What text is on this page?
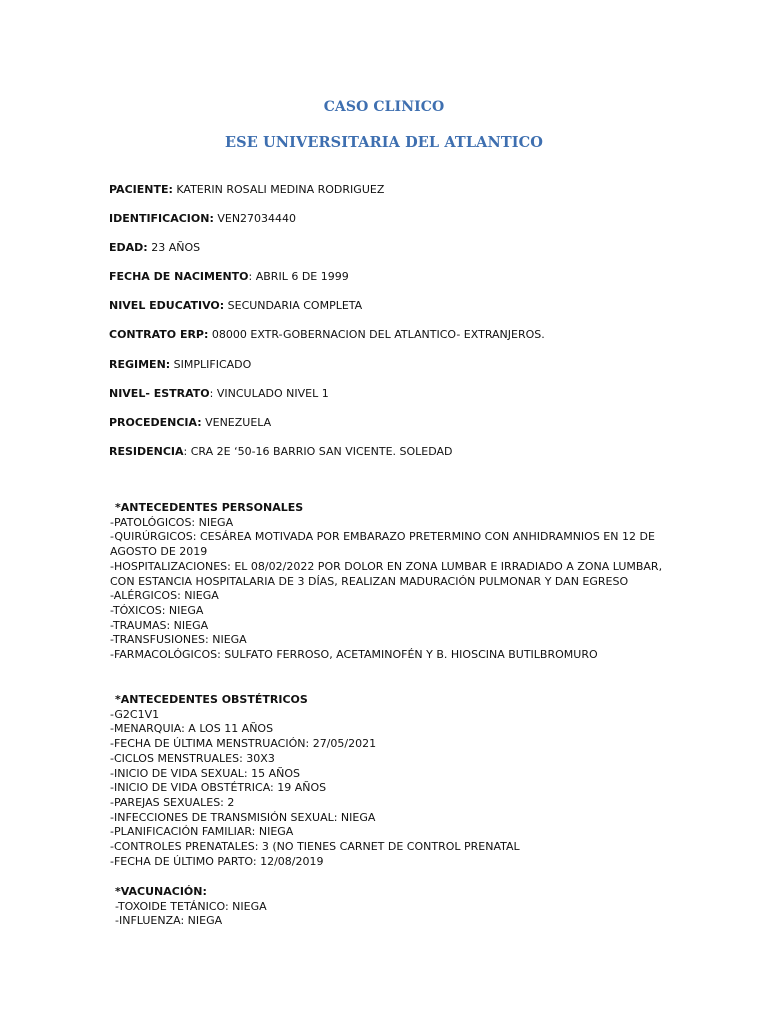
CASO CLINICO
ESE UNIVERSITARIA DEL ATLANTICO
PACIENTE: KATERIN ROSALI MEDINA RODRIGUEZ
IDENTIFICACION: VEN27034440
EDAD: 23 AÑOS
FECHA DE NACIMENTO: ABRIL 6 DE 1999
NIVEL EDUCATIVO: SECUNDARIA COMPLETA
CONTRATO ERP: 08000 EXTR-GOBERNACION DEL ATLANTICO- EXTRANJEROS.
REGIMEN: SIMPLIFICADO
NIVEL- ESTRATO: VINCULADO NIVEL 1
PROCEDENCIA: VENEZUELA
RESIDENCIA: CRA 2E ‘50-16 BARRIO SAN VICENTE. SOLEDAD
*ANTECEDENTES PERSONALES
-PATOLÓGICOS: NIEGA
-QUIRÚRGICOS: CESÁREA MOTIVADA POR EMBARAZO PRETERMINO CON ANHIDRAMNIOS EN 12 DE AGOSTO DE 2019
-HOSPITALIZACIONES: EL 08/02/2022 POR DOLOR EN ZONA LUMBAR E IRRADIADO A ZONA LUMBAR, CON ESTANCIA HOSPITALARIA DE 3 DÍAS, REALIZAN MADURACIÓN PULMONAR Y DAN EGRESO
-ALÉRGICOS: NIEGA
-TÓXICOS: NIEGA
-TRAUMAS: NIEGA
-TRANSFUSIONES: NIEGA
-FARMACOLÓGICOS: SULFATO FERROSO, ACETAMINOFÉN Y B. HIOSCINA BUTILBROMURO
*ANTECEDENTES OBSTÉTRICOS
-G2C1V1
-MENARQUIA: A LOS 11 AÑOS
-FECHA DE ÚLTIMA MENSTRUACIÓN: 27/05/2021
-CICLOS MENSTRUALES: 30X3
-INICIO DE VIDA SEXUAL: 15 AÑOS
-INICIO DE VIDA OBSTÉTRICA: 19 AÑOS
-PAREJAS SEXUALES: 2
-INFECCIONES DE TRANSMISIÓN SEXUAL: NIEGA
-PLANIFICACIÓN FAMILIAR: NIEGA
-CONTROLES PRENATALES: 3 (NO TIENES CARNET DE CONTROL PRENATAL
-FECHA DE ÚLTIMO PARTO: 12/08/2019
*VACUNACIÓN:
-TOXOIDE TETÁNICO: NIEGA
-INFLUENZA: NIEGA
